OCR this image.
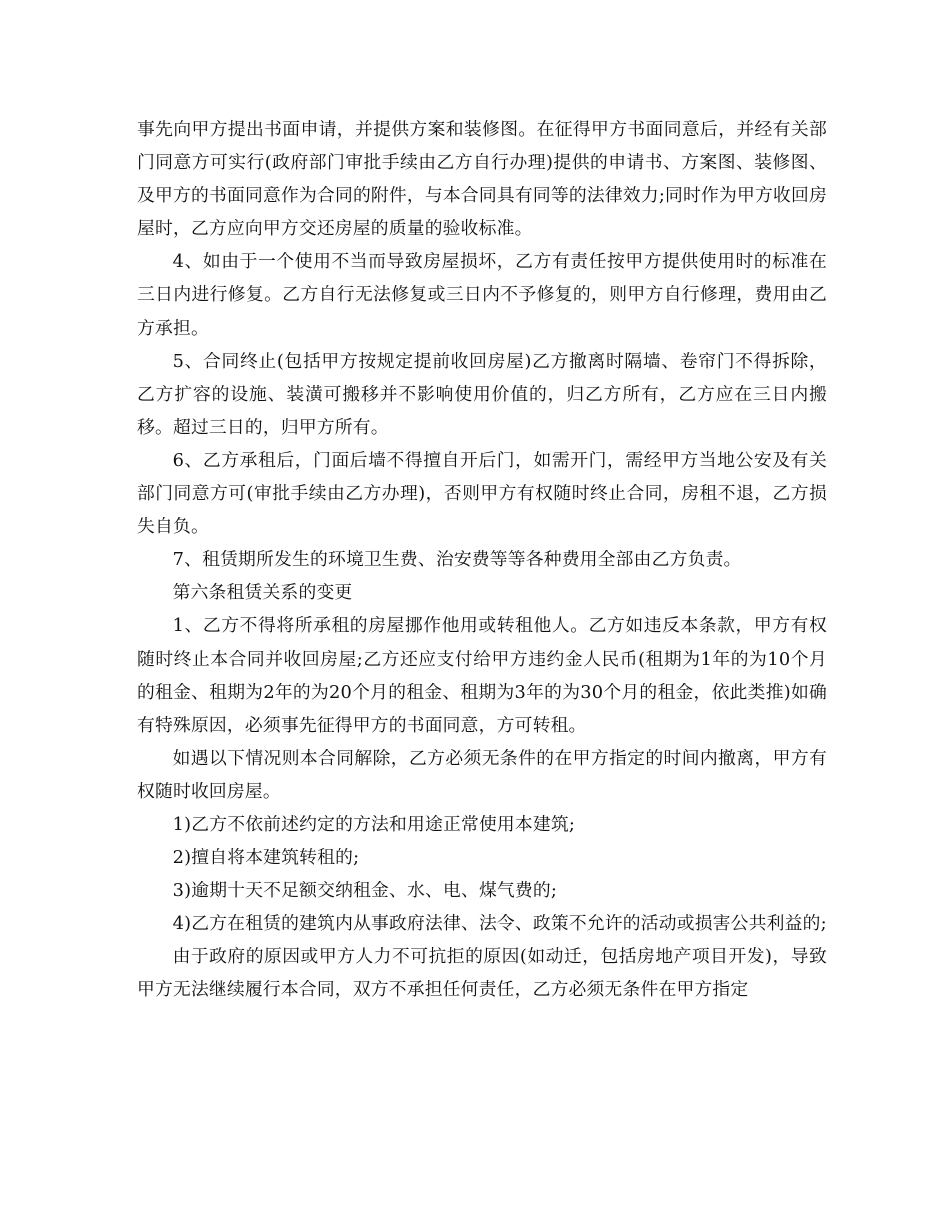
事先向甲方提出书面申请，并提供方案和装修图。在征得甲方书面同意后，并经有关部门同意方可实行(政府部门审批手续由乙方自行办理)提供的申请书、方案图、装修图、及甲方的书面同意作为合同的附件，与本合同具有同等的法律效力;同时作为甲方收回房屋时，乙方应向甲方交还房屋的质量的验收标准。

4、如由于一个使用不当而导致房屋损坏，乙方有责任按甲方提供使用时的标准在三日内进行修复。乙方自行无法修复或三日内不予修复的，则甲方自行修理，费用由乙方承担。

5、合同终止(包括甲方按规定提前收回房屋)乙方撤离时隔墙、卷帘门不得拆除，乙方扩容的设施、装潢可搬移并不影响使用价值的，归乙方所有，乙方应在三日内搬移。超过三日的，归甲方所有。

6、乙方承租后，门面后墙不得擅自开后门，如需开门，需经甲方当地公安及有关部门同意方可(审批手续由乙方办理)，否则甲方有权随时终止合同，房租不退，乙方损失自负。

7、租赁期所发生的环境卫生费、治安费等等各种费用全部由乙方负责。

第六条租赁关系的变更

1、乙方不得将所承租的房屋挪作他用或转租他人。乙方如违反本条款，甲方有权随时终止本合同并收回房屋;乙方还应支付给甲方违约金人民币(租期为1年的为10个月的租金、租期为2年的为20个月的租金、租期为3年的为30个月的租金，依此类推)如确有特殊原因，必须事先征得甲方的书面同意，方可转租。

如遇以下情况则本合同解除，乙方必须无条件的在甲方指定的时间内撤离，甲方有权随时收回房屋。

1)乙方不依前述约定的方法和用途正常使用本建筑;

2)擅自将本建筑转租的;

3)逾期十天不足额交纳租金、水、电、煤气费的;

4)乙方在租赁的建筑内从事政府法律、法令、政策不允许的活动或损害公共利益的;

由于政府的原因或甲方人力不可抗拒的原因(如动迁，包括房地产项目开发)，导致甲方无法继续履行本合同，双方不承担任何责任，乙方必须无条件在甲方指定
